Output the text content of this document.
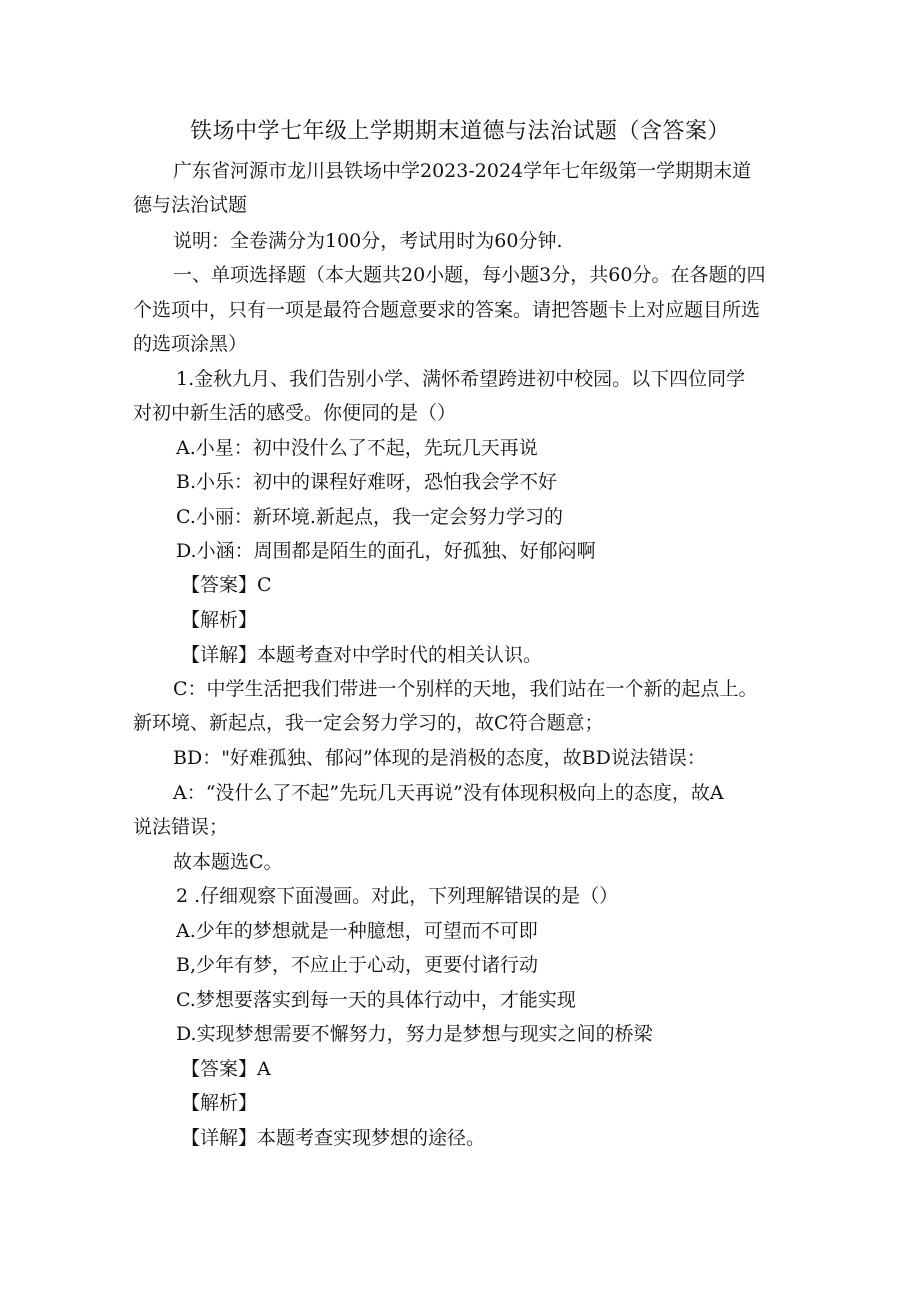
铁场中学七年级上学期期末道德与法治试题（含答案）

广东省河源市龙川县铁场中学2023-2024学年七年级第一学期期末道

德与法治试题

说明：全卷满分为100分，考试用时为60分钟.

一、单项选择题（本大题共20小题，每小题3分，共60分。在各题的四

个选项中，只有一项是最符合题意要求的答案。请把答题卡上对应题目所选

的选项涂黑）

1.金秋九月、我们告别小学、满怀希望跨进初中校园。以下四位同学

对初中新生活的感受。你便同的是（）

A.小星：初中没什么了不起，先玩几天再说

B.小乐：初中的课程好难呀，恐怕我会学不好

C.小丽：新环境.新起点，我一定会努力学习的

D.小涵：周围都是陌生的面孔，好孤独、好郁闷啊

【答案】C

【解析】

【详解】本题考查对中学时代的相关认识。

C：中学生活把我们带进一个别样的天地，我们站在一个新的起点上。

新环境、新起点，我一定会努力学习的，故C符合题意；

BD："好难孤独、郁闷”体现的是消极的态度，故BD说法错误：

A：“没什么了不起”先玩几天再说”没有体现积极向上的态度，故A

说法错误；

故本题选C。

2 .仔细观察下面漫画。对此，下列理解错误的是（）

A.少年的梦想就是一种臆想，可望而不可即

B,少年有梦，不应止于心动，更要付诸行动

C.梦想要落实到每一天的具体行动中，才能实现

D.实现梦想需要不懈努力，努力是梦想与现实之间的桥梁

【答案】A

【解析】

【详解】本题考查实现梦想的途径。
